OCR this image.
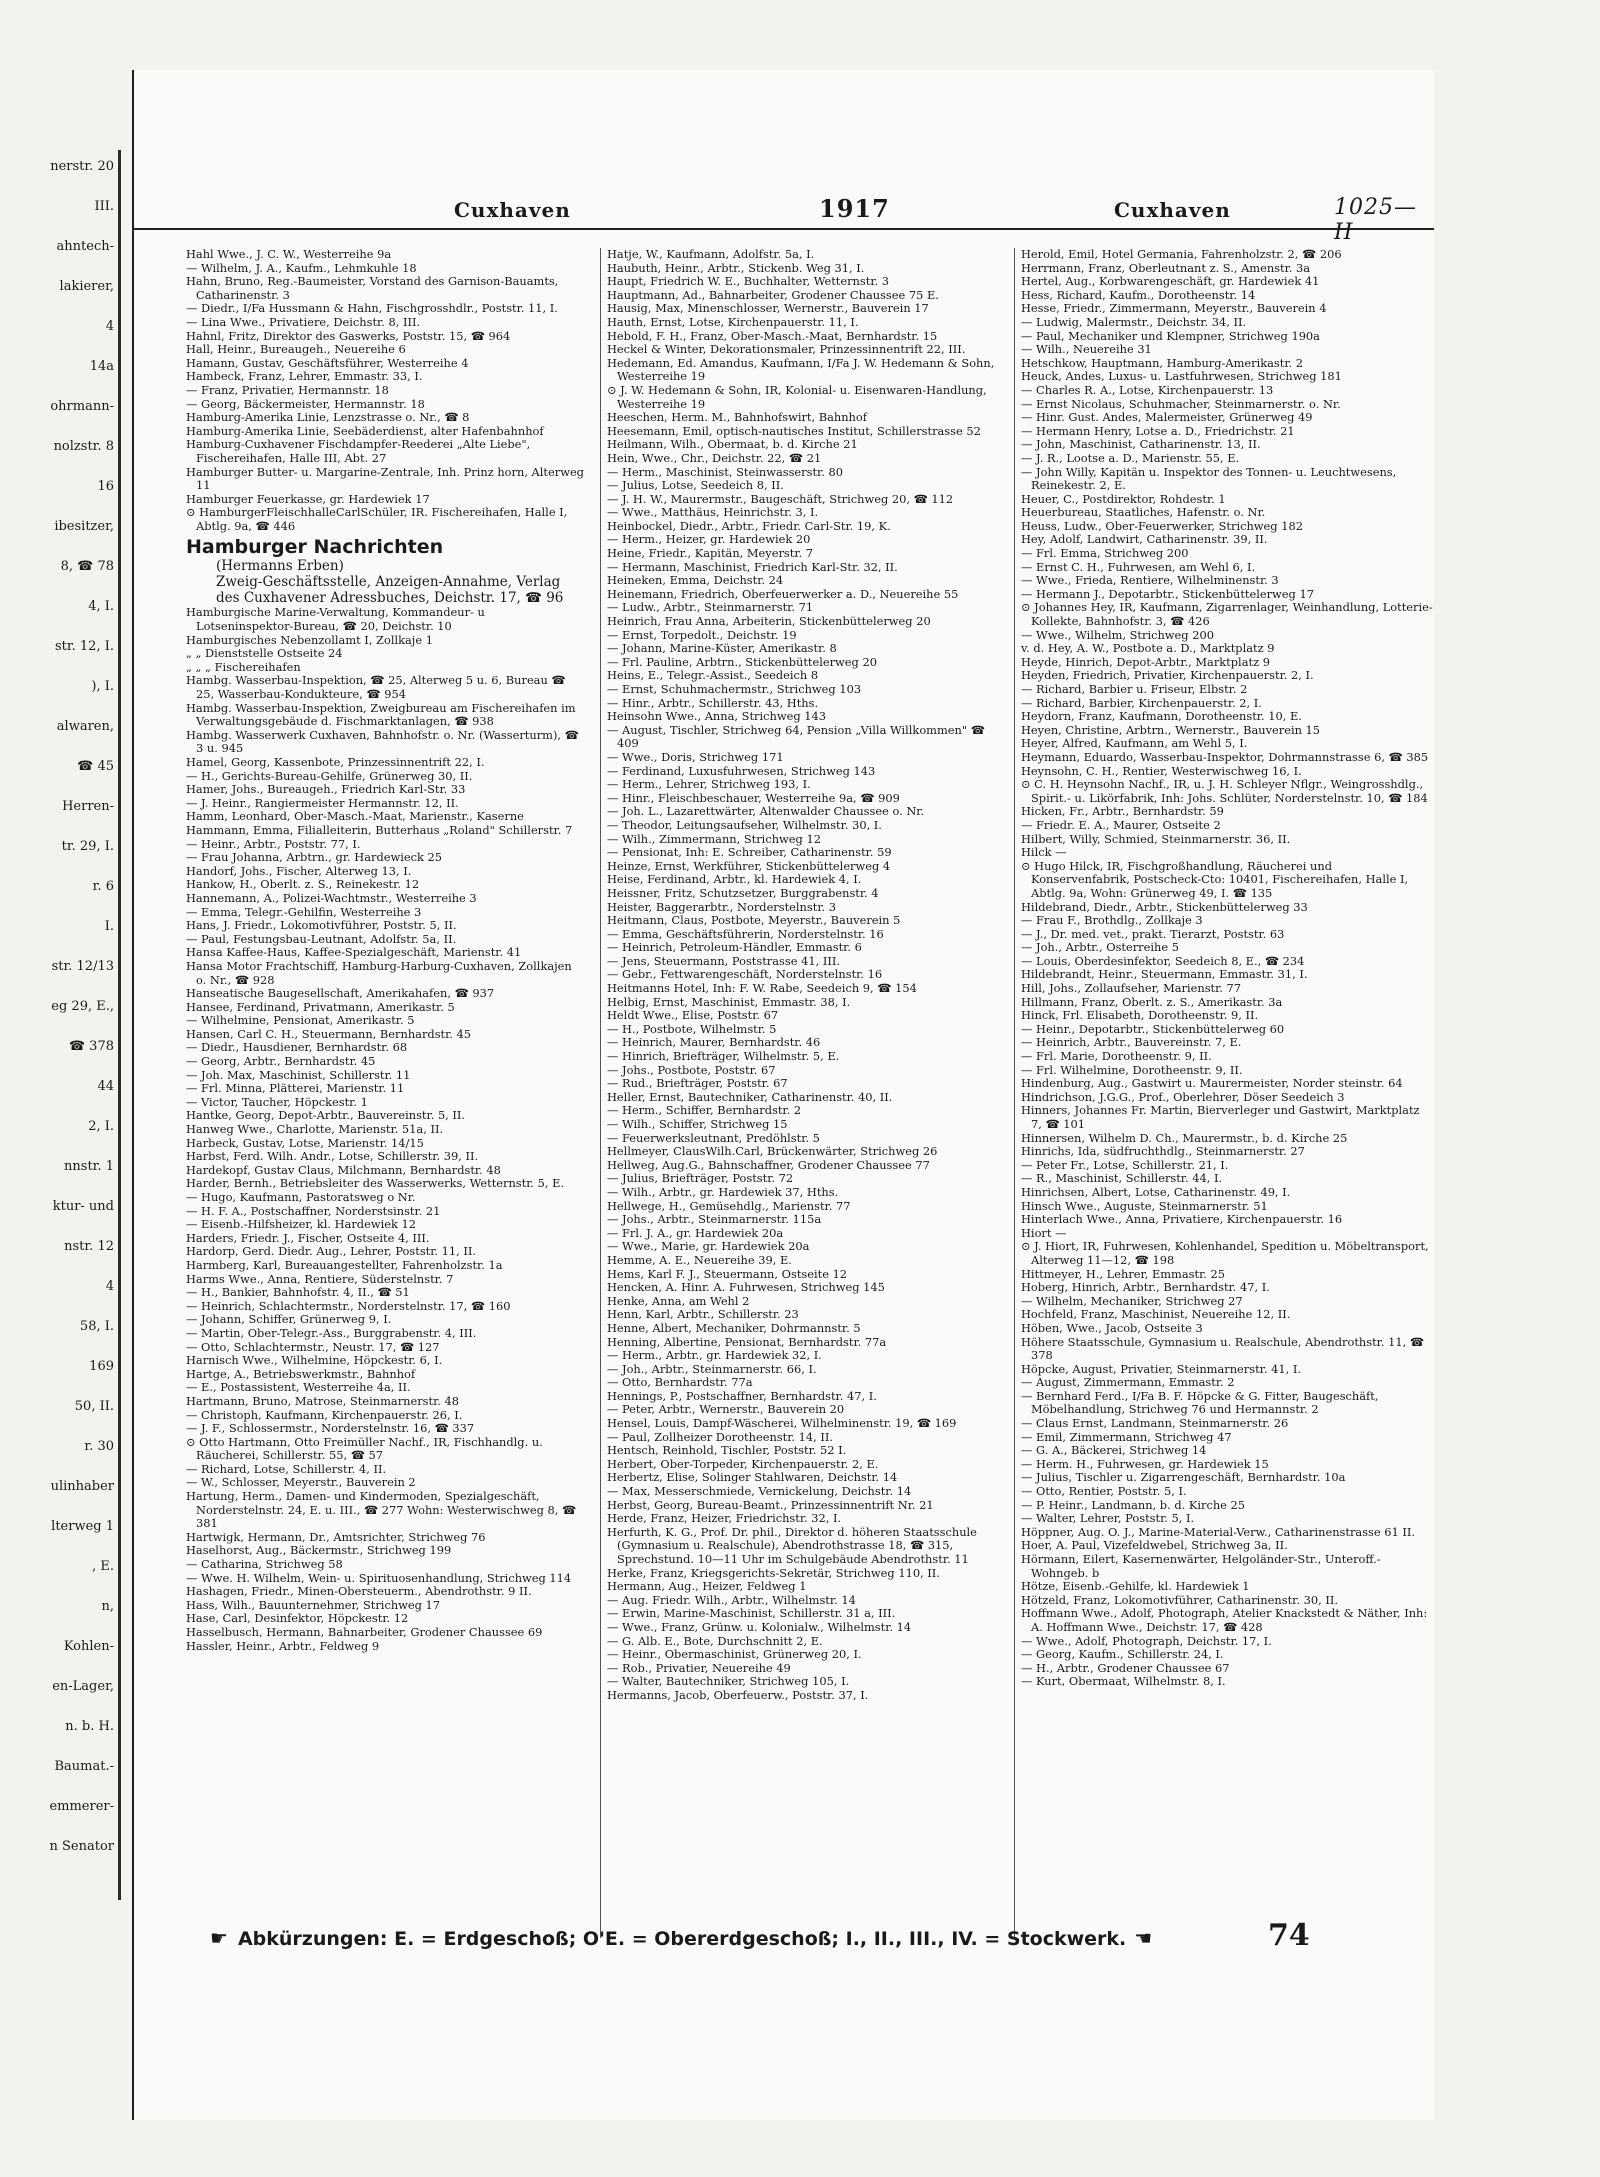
nerstr. 20
III.
ahntech-
lakierer,
4
14a
ohrmann-
nolzstr. 8
16
ibesitzer,
8, ☎ 78
4, I.
str. 12, I.
), I.
alwaren,
☎ 45
Herren-
tr. 29, I.
r. 6
I.
str. 12/13
eg 29, E.,
☎ 378
44
2, I.
nnstr. 1
ktur- und
nstr. 12
4
58, I.
169
50, II.
r. 30
ulinhaber
lterweg 1
, E.
n,
Kohlen-
en-Lager,
n. b. H.
Baumat.-
emmerer-
n Senator
Cuxhaven	1917	Cuxhaven	1025—II

Hahl Wwe., J. C. W., Westerreihe 9a

— Wilhelm, J. A., Kaufm., Lehmkuhle 18

Hahn, Bruno, Reg.-Baumeister, Vorstand des Garnison-Bauamts, Catharinenstr. 3

— Diedr., I/Fa Hussmann & Hahn, Fischgrosshdlr., Poststr. 11, I.

— Lina Wwe., Privatiere, Deichstr. 8, III.

Hahnl, Fritz, Direktor des Gaswerks, Poststr. 15, ☎ 964

Hall, Heinr., Bureaugeh., Neuereihe 6

Hamann, Gustav, Geschäftsführer, Westerreihe 4

Hambeck, Franz, Lehrer, Emmastr. 33, I.

— Franz, Privatier, Hermannstr. 18

— Georg, Bäckermeister, Hermannstr. 18

Hamburg-Amerika Linie, Lenzstrasse o. Nr., ☎ 8

Hamburg-Amerika Linie, Seebäderdienst, alter Hafenbahnhof

Hamburg-Cuxhavener Fischdampfer-Reederei „Alte Liebe", Fischereihafen, Halle III, Abt. 27

Hamburger Butter- u. Margarine-Zentrale, Inh. Prinz horn, Alterweg 11

Hamburger Feuerkasse, gr. Hardewiek 17

⊙ HamburgerFleischhalleCarlSchüler, IR. Fischereihafen, Halle I, Abtlg. 9a, ☎ 446

Hamburger Nachrichten

(Hermanns Erben)

Zweig-Geschäftsstelle, Anzeigen-Annahme, Verlag des Cuxhavener Adressbuches, Deichstr. 17, ☎ 96

Hamburgische Marine-Verwaltung, Kommandeur- u Lotseninspektor-Bureau, ☎ 20, Deichstr. 10

Hamburgisches Nebenzollamt I, Zollkaje 1

„ „ Dienststelle Ostseite 24

„ „ „ Fischereihafen

Hambg. Wasserbau-Inspektion, ☎ 25, Alterweg 5 u. 6, Bureau ☎ 25, Wasserbau-Kondukteure, ☎ 954

Hambg. Wasserbau-Inspektion, Zweigbureau am Fischereihafen im Verwaltungsgebäude d. Fischmarktanlagen, ☎ 938

Hambg. Wasserwerk Cuxhaven, Bahnhofstr. o. Nr. (Wasserturm), ☎ 3 u. 945

Hamel, Georg, Kassenbote, Prinzessinnentrift 22, I.

— H., Gerichts-Bureau-Gehilfe, Grünerweg 30, II.

Hamer, Johs., Bureaugeh., Friedrich Karl-Str. 33

— J. Heinr., Rangiermeister Hermannstr. 12, II.

Hamm, Leonhard, Ober-Masch.-Maat, Marienstr., Kaserne

Hammann, Emma, Filialleiterin, Butterhaus „Roland" Schillerstr. 7

— Heinr., Arbtr., Poststr. 77, I.

— Frau Johanna, Arbtrn., gr. Hardewieck 25

Handorf, Johs., Fischer, Alterweg 13, I.

Hankow, H., Oberlt. z. S., Reinekestr. 12

Hannemann, A., Polizei-Wachtmstr., Westerreihe 3

— Emma, Telegr.-Gehilfin, Westerreihe 3

Hans, J. Friedr., Lokomotivführer, Poststr. 5, II.

— Paul, Festungsbau-Leutnant, Adolfstr. 5a, II.

Hansa Kaffee-Haus, Kaffee-Spezialgeschäft, Marienstr. 41

Hansa Motor Frachtschiff, Hamburg-Harburg-Cuxhaven, Zollkajen o. Nr., ☎ 928

Hanseatische Baugesellschaft, Amerikahafen, ☎ 937

Hansee, Ferdinand, Privatmann, Amerikastr. 5

— Wilhelmine, Pensionat, Amerikastr. 5

Hansen, Carl C. H., Steuermann, Bernhardstr. 45

— Diedr., Hausdiener, Bernhardstr. 68

— Georg, Arbtr., Bernhardstr. 45

— Joh. Max, Maschinist, Schillerstr. 11

— Frl. Minna, Plätterei, Marienstr. 11

— Victor, Taucher, Höpckestr. 1

Hantke, Georg, Depot-Arbtr., Bauvereinstr. 5, II.

Hanweg Wwe., Charlotte, Marienstr. 51a, II.

Harbeck, Gustav, Lotse, Marienstr. 14/15

Harbst, Ferd. Wilh. Andr., Lotse, Schillerstr. 39, II.

Hardekopf, Gustav Claus, Milchmann, Bernhardstr. 48

Harder, Bernh., Betriebsleiter des Wasserwerks, Wetternstr. 5, E.

— Hugo, Kaufmann, Pastoratsweg o Nr.

— H. F. A., Postschaffner, Norderstsinstr. 21

— Eisenb.-Hilfsheizer, kl. Hardewiek 12

Harders, Friedr. J., Fischer, Ostseite 4, III.

Hardorp, Gerd. Diedr. Aug., Lehrer, Poststr. 11, II.

Harmberg, Karl, Bureauangestellter, Fahrenholzstr. 1a

Harms Wwe., Anna, Rentiere, Süderstelnstr. 7

— H., Bankier, Bahnhofstr. 4, II., ☎ 51

— Heinrich, Schlachtermstr., Norderstelnstr. 17, ☎ 160

— Johann, Schiffer, Grünerweg 9, I.

— Martin, Ober-Telegr.-Ass., Burggrabenstr. 4, III.

— Otto, Schlachtermstr., Neustr. 17, ☎ 127

Harnisch Wwe., Wilhelmine, Höpckestr. 6, I.

Hartge, A., Betriebswerkmstr., Bahnhof

— E., Postassistent, Westerreihe 4a, II.

Hartmann, Bruno, Matrose, Steinmarnerstr. 48

— Christoph, Kaufmann, Kirchenpauerstr. 26, I.

— J. F., Schlossermstr., Norderstelnstr. 16, ☎ 337

⊙ Otto Hartmann, Otto Freimüller Nachf., IR, Fischhandlg. u. Räucherei, Schillerstr. 55, ☎ 57

— Richard, Lotse, Schillerstr. 4, II.

— W., Schlosser, Meyerstr., Bauverein 2

Hartung, Herm., Damen- und Kindermoden, Spezialgeschäft, Norderstelnstr. 24, E. u. III., ☎ 277 Wohn: Westerwischweg 8, ☎ 381

Hartwigk, Hermann, Dr., Amtsrichter, Strichweg 76

Haselhorst, Aug., Bäckermstr., Strichweg 199

— Catharina, Strichweg 58

— Wwe. H. Wilhelm, Wein- u. Spirituosenhandlung, Strichweg 114

Hashagen, Friedr., Minen-Obersteuerm., Abendrothstr. 9 II.

Hass, Wilh., Bauunternehmer, Strichweg 17

Hase, Carl, Desinfektor, Höpckestr. 12

Hasselbusch, Hermann, Bahnarbeiter, Grodener Chaussee 69

Hassler, Heinr., Arbtr., Feldweg 9

Hatje, W., Kaufmann, Adolfstr. 5a, I.

Haubuth, Heinr., Arbtr., Stickenb. Weg 31, I.

Haupt, Friedrich W. E., Buchhalter, Wetternstr. 3

Hauptmann, Ad., Bahnarbeiter, Grodener Chaussee 75 E.

Hausig, Max, Minenschlosser, Wernerstr., Bauverein 17

Hauth, Ernst, Lotse, Kirchenpauerstr. 11, I.

Hebold, F. H., Franz, Ober-Masch.-Maat, Bernhardstr. 15

Heckel & Winter, Dekorationsmaler, Prinzessinnentrift 22, III.

Hedemann, Ed. Amandus, Kaufmann, I/Fa J. W. Hedemann & Sohn, Westerreihe 19

⊙ J. W. Hedemann & Sohn, IR, Kolonial- u. Eisenwaren-Handlung, Westerreihe 19

Heeschen, Herm. M., Bahnhofswirt, Bahnhof

Heesemann, Emil, optisch-nautisches Institut, Schillerstrasse 52

Heilmann, Wilh., Obermaat, b. d. Kirche 21

Hein, Wwe., Chr., Deichstr. 22, ☎ 21

— Herm., Maschinist, Steinwasserstr. 80

— Julius, Lotse, Seedeich 8, II.

— J. H. W., Maurermstr., Baugeschäft, Strichweg 20, ☎ 112

— Wwe., Matthäus, Heinrichstr. 3, I.

Heinbockel, Diedr., Arbtr., Friedr. Carl-Str. 19, K.

— Herm., Heizer, gr. Hardewiek 20

Heine, Friedr., Kapitän, Meyerstr. 7

— Hermann, Maschinist, Friedrich Karl-Str. 32, II.

Heineken, Emma, Deichstr. 24

Heinemann, Friedrich, Oberfeuerwerker a. D., Neuereihe 55

— Ludw., Arbtr., Steinmarnerstr. 71

Heinrich, Frau Anna, Arbeiterin, Stickenbüttelerweg 20

— Ernst, Torpedolt., Deichstr. 19

— Johann, Marine-Küster, Amerikastr. 8

— Frl. Pauline, Arbtrn., Stickenbüttelerweg 20

Heins, E., Telegr.-Assist., Seedeich 8

— Ernst, Schuhmachermstr., Strichweg 103

— Hinr., Arbtr., Schillerstr. 43, Hths.

Heinsohn Wwe., Anna, Strichweg 143

— August, Tischler, Strichweg 64, Pension „Villa Willkommen" ☎ 409

— Wwe., Doris, Strichweg 171

— Ferdinand, Luxusfuhrwesen, Strichweg 143

— Herm., Lehrer, Strichweg 193, I.

— Hinr., Fleischbeschauer, Westerreihe 9a, ☎ 909

— Joh. L., Lazarettwärter, Altenwalder Chaussee o. Nr.

— Theodor, Leitungsaufseher, Wilhelmstr. 30, I.

— Wilh., Zimmermann, Strichweg 12

— Pensionat, Inh: E. Schreiber, Catharinenstr. 59

Heinze, Ernst, Werkführer, Stickenbüttelerweg 4

Heise, Ferdinand, Arbtr., kl. Hardewiek 4, I.

Heissner, Fritz, Schutzsetzer, Burggrabenstr. 4

Heister, Baggerarbtr., Norderstelnstr. 3

Heitmann, Claus, Postbote, Meyerstr., Bauverein 5

— Emma, Geschäftsführerin, Norderstelnstr. 16

— Heinrich, Petroleum-Händler, Emmastr. 6

— Jens, Steuermann, Poststrasse 41, III.

— Gebr., Fettwarengeschäft, Norderstelnstr. 16

Heitmanns Hotel, Inh: F. W. Rabe, Seedeich 9, ☎ 154

Helbig, Ernst, Maschinist, Emmastr. 38, I.

Heldt Wwe., Elise, Poststr. 67

— H., Postbote, Wilhelmstr. 5

— Heinrich, Maurer, Bernhardstr. 46

— Hinrich, Briefträger, Wilhelmstr. 5, E.

— Johs., Postbote, Poststr. 67

— Rud., Briefträger, Poststr. 67

Heller, Ernst, Bautechniker, Catharinenstr. 40, II.

— Herm., Schiffer, Bernhardstr. 2

— Wilh., Schiffer, Strichweg 15

— Feuerwerksleutnant, Predöhlstr. 5

Hellmeyer, ClausWilh.Carl, Brückenwärter, Strichweg 26

Hellweg, Aug.G., Bahnschaffner, Grodener Chaussee 77

— Julius, Briefträger, Poststr. 72

— Wilh., Arbtr., gr. Hardewiek 37, Hths.

Hellwege, H., Gemüsehdlg., Marienstr. 77

— Johs., Arbtr., Steinmarnerstr. 115a

— Frl. J. A., gr. Hardewiek 20a

— Wwe., Marie, gr. Hardewiek 20a

Hemme, A. E., Neuereihe 39, E.

Hems, Karl F. J., Steuermann, Ostseite 12

Hencken, A. Hinr. A. Fuhrwesen, Strichweg 145

Henke, Anna, am Wehl 2

Henn, Karl, Arbtr., Schillerstr. 23

Henne, Albert, Mechaniker, Dohrmannstr. 5

Henning, Albertine, Pensionat, Bernhardstr. 77a

— Herm., Arbtr., gr. Hardewiek 32, I.

— Joh., Arbtr., Steinmarnerstr. 66, I.

— Otto, Bernhardstr. 77a

Hennings, P., Postschaffner, Bernhardstr. 47, I.

— Peter, Arbtr., Wernerstr., Bauverein 20

Hensel, Louis, Dampf-Wäscherei, Wilhelminenstr. 19, ☎ 169

— Paul, Zollheizer Dorotheenstr. 14, II.

Hentsch, Reinhold, Tischler, Poststr. 52 I.

Herbert, Ober-Torpeder, Kirchenpauerstr. 2, E.

Herbertz, Elise, Solinger Stahlwaren, Deichstr. 14

— Max, Messerschmiede, Vernickelung, Deichstr. 14

Herbst, Georg, Bureau-Beamt., Prinzessinnentrift Nr. 21

Herde, Franz, Heizer, Friedrichstr. 32, I.

Herfurth, K. G., Prof. Dr. phil., Direktor d. höheren Staatsschule (Gymnasium u. Realschule), Abendrothstrasse 18, ☎ 315, Sprechstund. 10—11 Uhr im Schulgebäude Abendrothstr. 11

Herke, Franz, Kriegsgerichts-Sekretär, Strichweg 110, II.

Hermann, Aug., Heizer, Feldweg 1

— Aug. Friedr. Wilh., Arbtr., Wilhelmstr. 14

— Erwin, Marine-Maschinist, Schillerstr. 31 a, III.

— Wwe., Franz, Grünw. u. Kolonialw., Wilhelmstr. 14

— G. Alb. E., Bote, Durchschnitt 2, E.

— Heinr., Obermaschinist, Grünerweg 20, I.

— Rob., Privatier, Neuereihe 49

— Walter, Bautechniker, Strichweg 105, I.

Hermanns, Jacob, Oberfeuerw., Poststr. 37, I.

Herold, Emil, Hotel Germania, Fahrenholzstr. 2, ☎ 206

Herrmann, Franz, Oberleutnant z. S., Amenstr. 3a

Hertel, Aug., Korbwarengeschäft, gr. Hardewiek 41

Hess, Richard, Kaufm., Dorotheenstr. 14

Hesse, Friedr., Zimmermann, Meyerstr., Bauverein 4

— Ludwig, Malermstr., Deichstr. 34, II.

— Paul, Mechaniker und Klempner, Strichweg 190a

— Wilh., Neuereihe 31

Hetschkow, Hauptmann, Hamburg-Amerikastr. 2

Heuck, Andes, Luxus- u. Lastfuhrwesen, Strichweg 181

— Charles R. A., Lotse, Kirchenpauerstr. 13

— Ernst Nicolaus, Schuhmacher, Steinmarnerstr. o. Nr.

— Hinr. Gust. Andes, Malermeister, Grünerweg 49

— Hermann Henry, Lotse a. D., Friedrichstr. 21

— John, Maschinist, Catharinenstr. 13, II.

— J. R., Lootse a. D., Marienstr. 55, E.

— John Willy, Kapitän u. Inspektor des Tonnen- u. Leuchtwesens, Reinekestr. 2, E.

Heuer, C., Postdirektor, Rohdestr. 1

Heuerbureau, Staatliches, Hafenstr. o. Nr.

Heuss, Ludw., Ober-Feuerwerker, Strichweg 182

Hey, Adolf, Landwirt, Catharinenstr. 39, II.

— Frl. Emma, Strichweg 200

— Ernst C. H., Fuhrwesen, am Wehl 6, I.

— Wwe., Frieda, Rentiere, Wilhelminenstr. 3

— Hermann J., Depotarbtr., Stickenbüttelerweg 17

⊙ Johannes Hey, IR, Kaufmann, Zigarrenlager, Weinhandlung, Lotterie-Kollekte, Bahnhofstr. 3, ☎ 426

— Wwe., Wilhelm, Strichweg 200

v. d. Hey, A. W., Postbote a. D., Marktplatz 9

Heyde, Hinrich, Depot-Arbtr., Marktplatz 9

Heyden, Friedrich, Privatier, Kirchenpauerstr. 2, I.

— Richard, Barbier u. Friseur, Elbstr. 2

— Richard, Barbier, Kirchenpauerstr. 2, I.

Heydorn, Franz, Kaufmann, Dorotheenstr. 10, E.

Heyen, Christine, Arbtrn., Wernerstr., Bauverein 15

Heyer, Alfred, Kaufmann, am Wehl 5, I.

Heymann, Eduardo, Wasserbau-Inspektor, Dohrmannstrasse 6, ☎ 385

Heynsohn, C. H., Rentier, Westerwischweg 16, I.

⊙ C. H. Heynsohn Nachf., IR, u. J. H. Schleyer Nflgr., Weingrosshdlg., Spirit.- u. Likörfabrik, Inh: Johs. Schlüter, Norderstelnstr. 10, ☎ 184

Hicken, Fr., Arbtr., Bernhardstr. 59

— Friedr. E. A., Maurer, Ostseite 2

Hilbert, Willy, Schmied, Steinmarnerstr. 36, II.

Hilck —

⊙ Hugo Hilck, IR, Fischgroßhandlung, Räucherei und Konservenfabrik, Postscheck-Cto: 10401, Fischereihafen, Halle I, Abtlg. 9a, Wohn: Grünerweg 49, I. ☎ 135

Hildebrand, Diedr., Arbtr., Stickenbüttelerweg 33

— Frau F., Brothdlg., Zollkaje 3

— J., Dr. med. vet., prakt. Tierarzt, Poststr. 63

— Joh., Arbtr., Osterreihe 5

— Louis, Oberdesinfektor, Seedeich 8, E., ☎ 234

Hildebrandt, Heinr., Steuermann, Emmastr. 31, I.

Hill, Johs., Zollaufseher, Marienstr. 77

Hillmann, Franz, Oberlt. z. S., Amerikastr. 3a

Hinck, Frl. Elisabeth, Dorotheenstr. 9, II.

— Heinr., Depotarbtr., Stickenbüttelerweg 60

— Heinrich, Arbtr., Bauvereinstr. 7, E.

— Frl. Marie, Dorotheenstr. 9, II.

— Frl. Wilhelmine, Dorotheenstr. 9, II.

Hindenburg, Aug., Gastwirt u. Maurermeister, Norder steinstr. 64

Hindrichson, J.G.G., Prof., Oberlehrer, Döser Seedeich 3

Hinners, Johannes Fr. Martin, Bierverleger und Gastwirt, Marktplatz 7, ☎ 101

Hinnersen, Wilhelm D. Ch., Maurermstr., b. d. Kirche 25

Hinrichs, Ida, südfruchthdlg., Steinmarnerstr. 27

— Peter Fr., Lotse, Schillerstr. 21, I.

— R., Maschinist, Schillerstr. 44, I.

Hinrichsen, Albert, Lotse, Catharinenstr. 49, I.

Hinsch Wwe., Auguste, Steinmarnerstr. 51

Hinterlach Wwe., Anna, Privatiere, Kirchenpauerstr. 16

Hiort —

⊙ J. Hiort, IR, Fuhrwesen, Kohlenhandel, Spedition u. Möbeltransport, Alterweg 11—12, ☎ 198

Hittmeyer, H., Lehrer, Emmastr. 25

Hoberg, Hinrich, Arbtr., Bernhardstr. 47, I.

— Wilhelm, Mechaniker, Strichweg 27

Hochfeld, Franz, Maschinist, Neuereihe 12, II.

Höben, Wwe., Jacob, Ostseite 3

Höhere Staatsschule, Gymnasium u. Realschule, Abendrothstr. 11, ☎ 378

Höpcke, August, Privatier, Steinmarnerstr. 41, I.

— August, Zimmermann, Emmastr. 2

— Bernhard Ferd., I/Fa B. F. Höpcke & G. Fitter, Baugeschäft, Möbelhandlung, Strichweg 76 und Hermannstr. 2

— Claus Ernst, Landmann, Steinmarnerstr. 26

— Emil, Zimmermann, Strichweg 47

— G. A., Bäckerei, Strichweg 14

— Herm. H., Fuhrwesen, gr. Hardewiek 15

— Julius, Tischler u. Zigarrengeschäft, Bernhardstr. 10a

— Otto, Rentier, Poststr. 5, I.

— P. Heinr., Landmann, b. d. Kirche 25

— Walter, Lehrer, Poststr. 5, I.

Höppner, Aug. O. J., Marine-Material-Verw., Catharinenstrasse 61 II.

Hoer, A. Paul, Vizefeldwebel, Strichweg 3a, II.

Hörmann, Eilert, Kasernenwärter, Helgoländer-Str., Unteroff.-Wohngeb. b

Hötze, Eisenb.-Gehilfe, kl. Hardewiek 1

Hötzeld, Franz, Lokomotivführer, Catharinenstr. 30, II.

Hoffmann Wwe., Adolf, Photograph, Atelier Knackstedt & Näther, Inh: A. Hoffmann Wwe., Deichstr. 17, ☎ 428

— Wwe., Adolf, Photograph, Deichstr. 17, I.

— Georg, Kaufm., Schillerstr. 24, I.

— H., Arbtr., Grodener Chaussee 67

— Kurt, Obermaat, Wilhelmstr. 8, I.

☛ Abkürzungen: E. = Erdgeschoß; O'E. = Obererdgeschoß; I., II., III., IV. = Stockwerk. ☚	74
